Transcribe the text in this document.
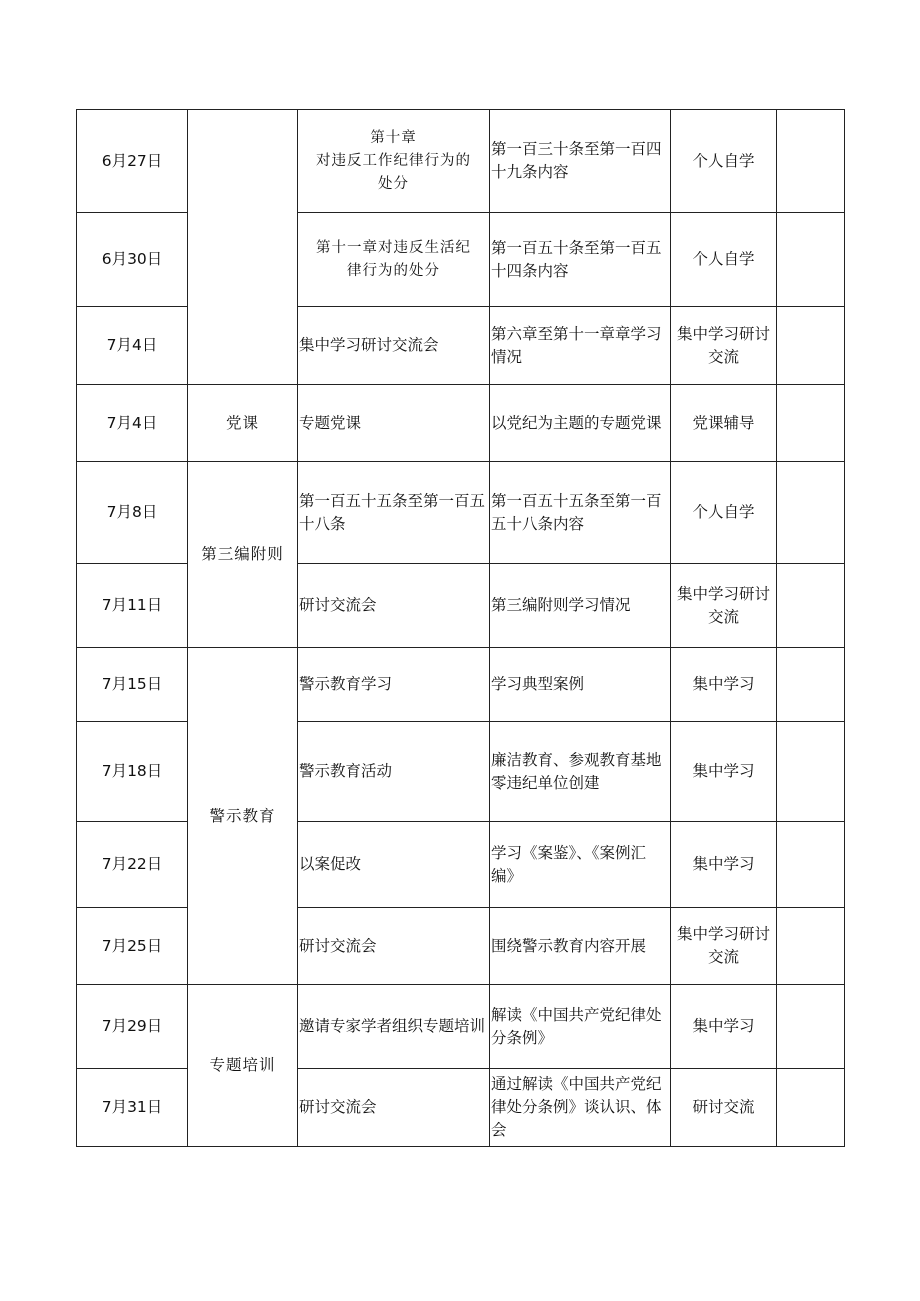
6月27日		第十章
对违反工作纪律行为的
处分	第一百三十条至第一百四十九条内容	个人自学	
6月30日		第十一章对违反生活纪
律行为的处分	第一百五十条至第一百五十四条内容	个人自学	
7月4日		集中学习研讨交流会	第六章至第十一章章学习情况	集中学习研讨交流	
7月4日	党课	专题党课	以党纪为主题的专题党课	党课辅导	
7月8日	第三编附则	第一百五十五条至第一百五十八条	第一百五十五条至第一百五十八条内容	个人自学	
7月11日		研讨交流会	第三编附则学习情况	集中学习研讨交流	
7月15日	警示教育	警示教育学习	学习典型案例	集中学习	
7月18日		警示教育活动	廉洁教育、参观教育基地零违纪单位创建	集中学习	
7月22日		以案促改	学习《案鉴》、《案例汇编》	集中学习	
7月25日		研讨交流会	围绕警示教育内容开展	集中学习研讨交流	
7月29日	专题培训	邀请专家学者组织专题培训	解读《中国共产党纪律处分条例》	集中学习	
7月31日		研讨交流会	通过解读《中国共产党纪律处分条例》谈认识、体会	研讨交流	
